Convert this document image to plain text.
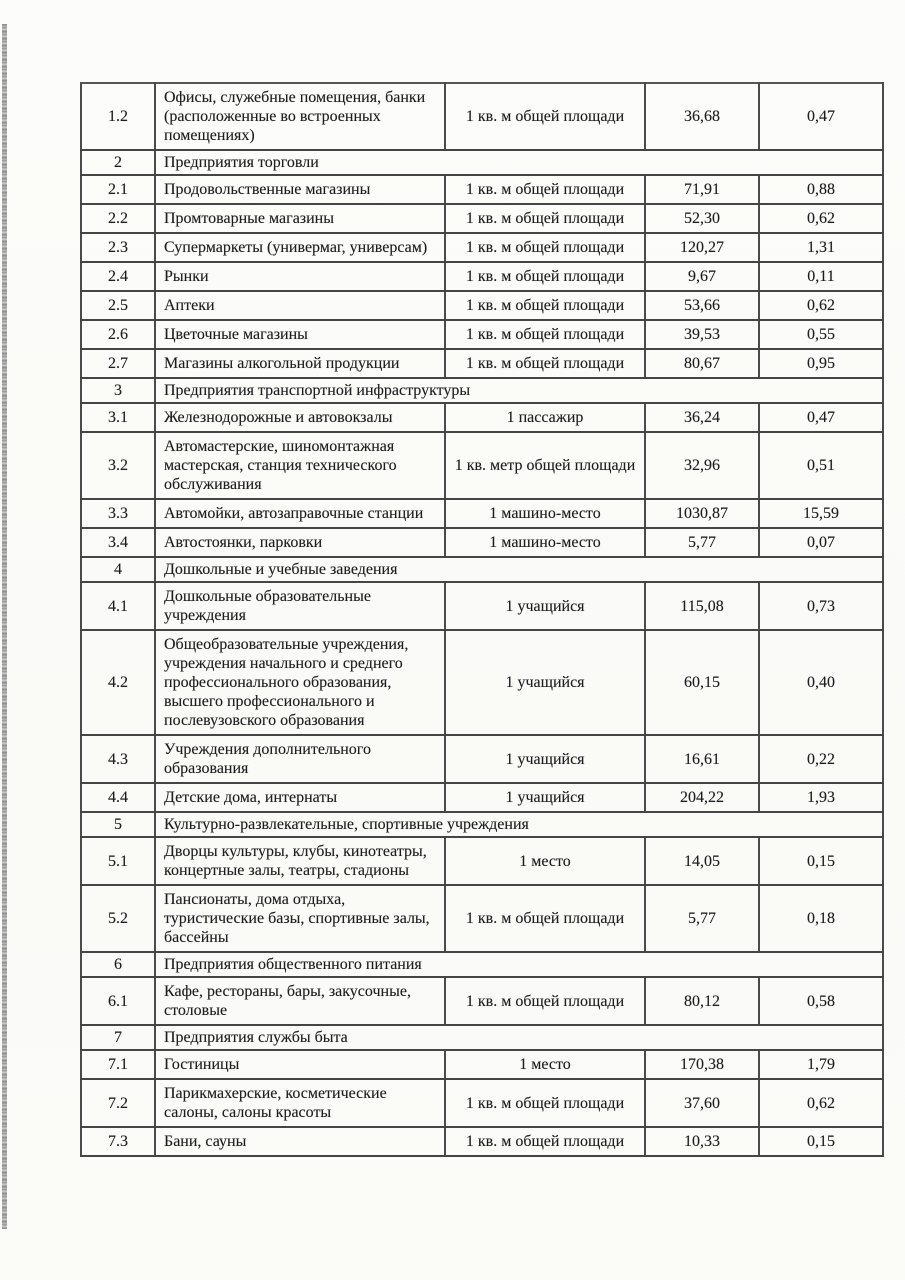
1.2	Офисы, служебные помещения, банки (расположенные во встроенных помещениях)	1 кв. м общей площади	36,68	0,47
2	Предприятия торговли			
2.1	Продовольственные магазины	1 кв. м общей площади	71,91	0,88
2.2	Промтоварные магазины	1 кв. м общей площади	52,30	0,62
2.3	Супермаркеты (универмаг, универсам)	1 кв. м общей площади	120,27	1,31
2.4	Рынки	1 кв. м общей площади	9,67	0,11
2.5	Аптеки	1 кв. м общей площади	53,66	0,62
2.6	Цветочные магазины	1 кв. м общей площади	39,53	0,55
2.7	Магазины алкогольной продукции	1 кв. м общей площади	80,67	0,95
3	Предприятия транспортной инфраструктуры			
3.1	Железнодорожные и автовокзалы	1 пассажир	36,24	0,47
3.2	Автомастерские, шиномонтажная мастерская, станция технического обслуживания	1 кв. метр общей площади	32,96	0,51
3.3	Автомойки, автозаправочные станции	1 машино-место	1030,87	15,59
3.4	Автостоянки, парковки	1 машино-место	5,77	0,07
4	Дошкольные и учебные заведения			
4.1	Дошкольные образовательные учреждения	1 учащийся	115,08	0,73
4.2	Общеобразовательные учреждения, учреждения начального и среднего профессионального образования, высшего профессионального и послевузовского образования	1 учащийся	60,15	0,40
4.3	Учреждения дополнительного образования	1 учащийся	16,61	0,22
4.4	Детские дома, интернаты	1 учащийся	204,22	1,93
5	Культурно-развлекательные, спортивные учреждения			
5.1	Дворцы культуры, клубы, кинотеатры, концертные залы, театры, стадионы	1 место	14,05	0,15
5.2	Пансионаты, дома отдыха, туристические базы, спортивные залы, бассейны	1 кв. м общей площади	5,77	0,18
6	Предприятия общественного питания			
6.1	Кафе, рестораны, бары, закусочные, столовые	1 кв. м общей площади	80,12	0,58
7	Предприятия службы быта			
7.1	Гостиницы	1 место	170,38	1,79
7.2	Парикмахерские, косметические салоны, салоны красоты	1 кв. м общей площади	37,60	0,62
7.3	Бани, сауны	1 кв. м общей площади	10,33	0,15
